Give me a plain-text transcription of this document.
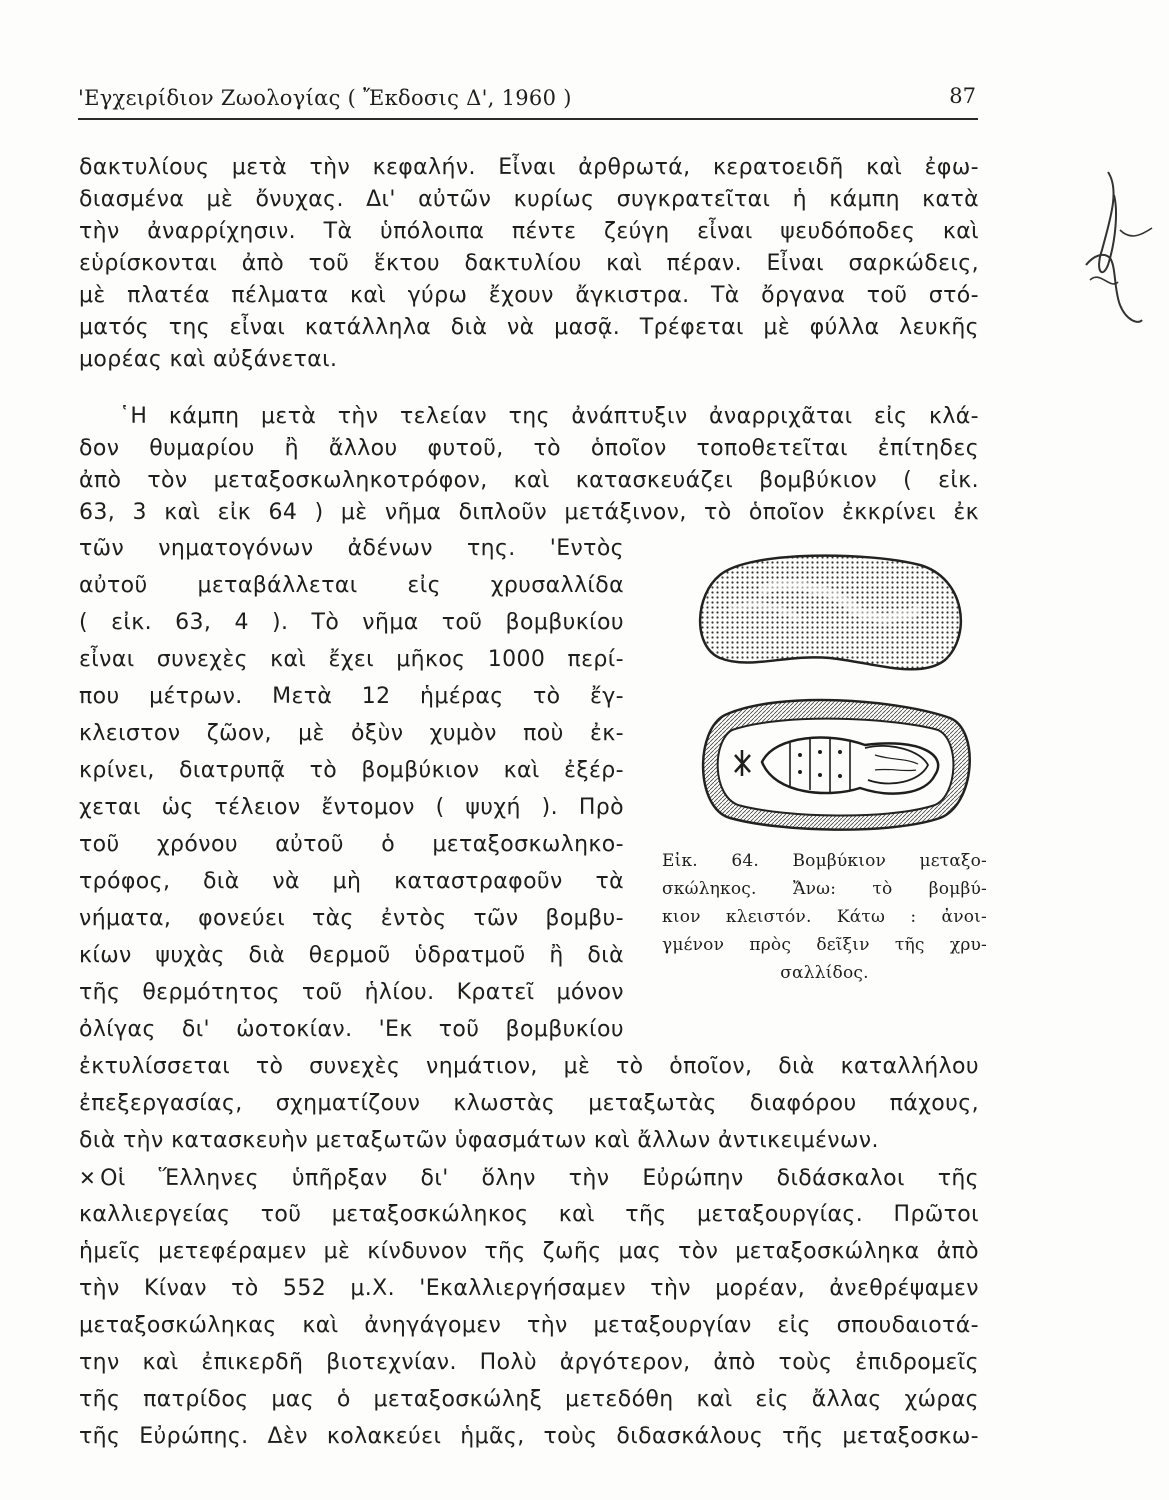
'Εγχειρίδιον Ζωολογίας ( Ἔκδοσις Δ', 1960 )	87

δακτυλίους μετὰ τὴν κεφαλήν. Εἶναι ἀρθρωτά, κερατοειδῆ καὶ ἐφω-

διασμένα μὲ ὄνυχας. Δι' αὐτῶν κυρίως συγκρατεῖται ἡ κάμπη κατὰ

τὴν ἀναρρίχησιν. Τὰ ὑπόλοιπα πέντε ζεύγη εἶναι ψευδόποδες καὶ

εὑρίσκονται ἀπὸ τοῦ ἕκτου δακτυλίου καὶ πέραν. Εἶναι σαρκώδεις,

μὲ πλατέα πέλματα καὶ γύρω ἔχουν ἄγκιστρα. Τὰ ὄργανα τοῦ στό-

ματός της εἶναι κατάλληλα διὰ νὰ μασᾷ. Τρέφεται μὲ φύλλα λευκῆς

μορέας καὶ αὐξάνεται.

῾Η κάμπη μετὰ τὴν τελείαν της ἀνάπτυξιν ἀναρριχᾶται εἰς κλά-

δον θυμαρίου ἢ ἄλλου φυτοῦ, τὸ ὁποῖον τοποθετεῖται ἐπίτηδες

ἀπὸ τὸν μεταξοσκωληκοτρόφον, καὶ κατασκευάζει βομβύκιον ( εἰκ.

63, 3 καὶ εἰκ 64 ) μὲ νῆμα διπλοῦν μετάξινον, τὸ ὁποῖον ἐκκρίνει ἐκ

τῶν νηματογόνων ἀδένων της. 'Εντὸς

αὐτοῦ μεταβάλλεται εἰς χρυσαλλίδα

( εἰκ. 63, 4 ). Τὸ νῆμα τοῦ βομβυκίου

εἶναι συνεχὲς καὶ ἔχει μῆκος 1000 περί-

που μέτρων. Μετὰ 12 ἡμέρας τὸ ἔγ-

κλειστον ζῶον, μὲ ὀξὺν χυμὸν ποὺ ἐκ-

κρίνει, διατρυπᾷ τὸ βομβύκιον καὶ ἐξέρ-

χεται ὡς τέλειον ἔντομον ( ψυχή ). Πρὸ

τοῦ χρόνου αὐτοῦ ὁ μεταξοσκωληκο-

τρόφος, διὰ νὰ μὴ καταστραφοῦν τὰ

νήματα, φονεύει τὰς ἐντὸς τῶν βομβυ-

κίων ψυχὰς διὰ θερμοῦ ὑδρατμοῦ ἢ διὰ

τῆς θερμότητος τοῦ ἡλίου. Κρατεῖ μόνον

ὀλίγας δι' ὠοτοκίαν. 'Εκ τοῦ βομβυκίου

ἐκτυλίσσεται τὸ συνεχὲς νημάτιον, μὲ τὸ ὁποῖον, διὰ καταλλήλου

ἐπεξεργασίας, σχηματίζουν κλωστὰς μεταξωτὰς διαφόρου πάχους,

διὰ τὴν κατασκευὴν μεταξωτῶν ὑφασμάτων καὶ ἄλλων ἀντικειμένων.

✕ Οἱ Ἕλληνες ὑπῆρξαν δι' ὅλην τὴν Εὐρώπην διδάσκαλοι τῆς

καλλιεργείας τοῦ μεταξοσκώληκος καὶ τῆς μεταξουργίας. Πρῶτοι

ἡμεῖς μετεφέραμεν μὲ κίνδυνον τῆς ζωῆς μας τὸν μεταξοσκώληκα ἀπὸ

τὴν Κίναν τὸ 552 μ.Χ. 'Εκαλλιεργήσαμεν τὴν μορέαν, ἀνεθρέψαμεν

μεταξοσκώληκας καὶ ἀνηγάγομεν τὴν μεταξουργίαν εἰς σπουδαιοτά-

την καὶ ἐπικερδῆ βιοτεχνίαν. Πολὺ ἀργότερον, ἀπὸ τοὺς ἐπιδρομεῖς

τῆς πατρίδος μας ὁ μεταξοσκώληξ μετεδόθη καὶ εἰς ἄλλας χώρας

τῆς Εὐρώπης. Δὲν κολακεύει ἡμᾶς, τοὺς διδασκάλους τῆς μεταξοσκω-

Εἰκ. 64. Βομβύκιον μεταξο-
σκώληκος. Ἄνω: τὸ βομβύ-
κιον κλειστόν. Κάτω : ἀνοι-
γμένον πρὸς δεῖξιν τῆς χρυ-
σαλλίδος.
